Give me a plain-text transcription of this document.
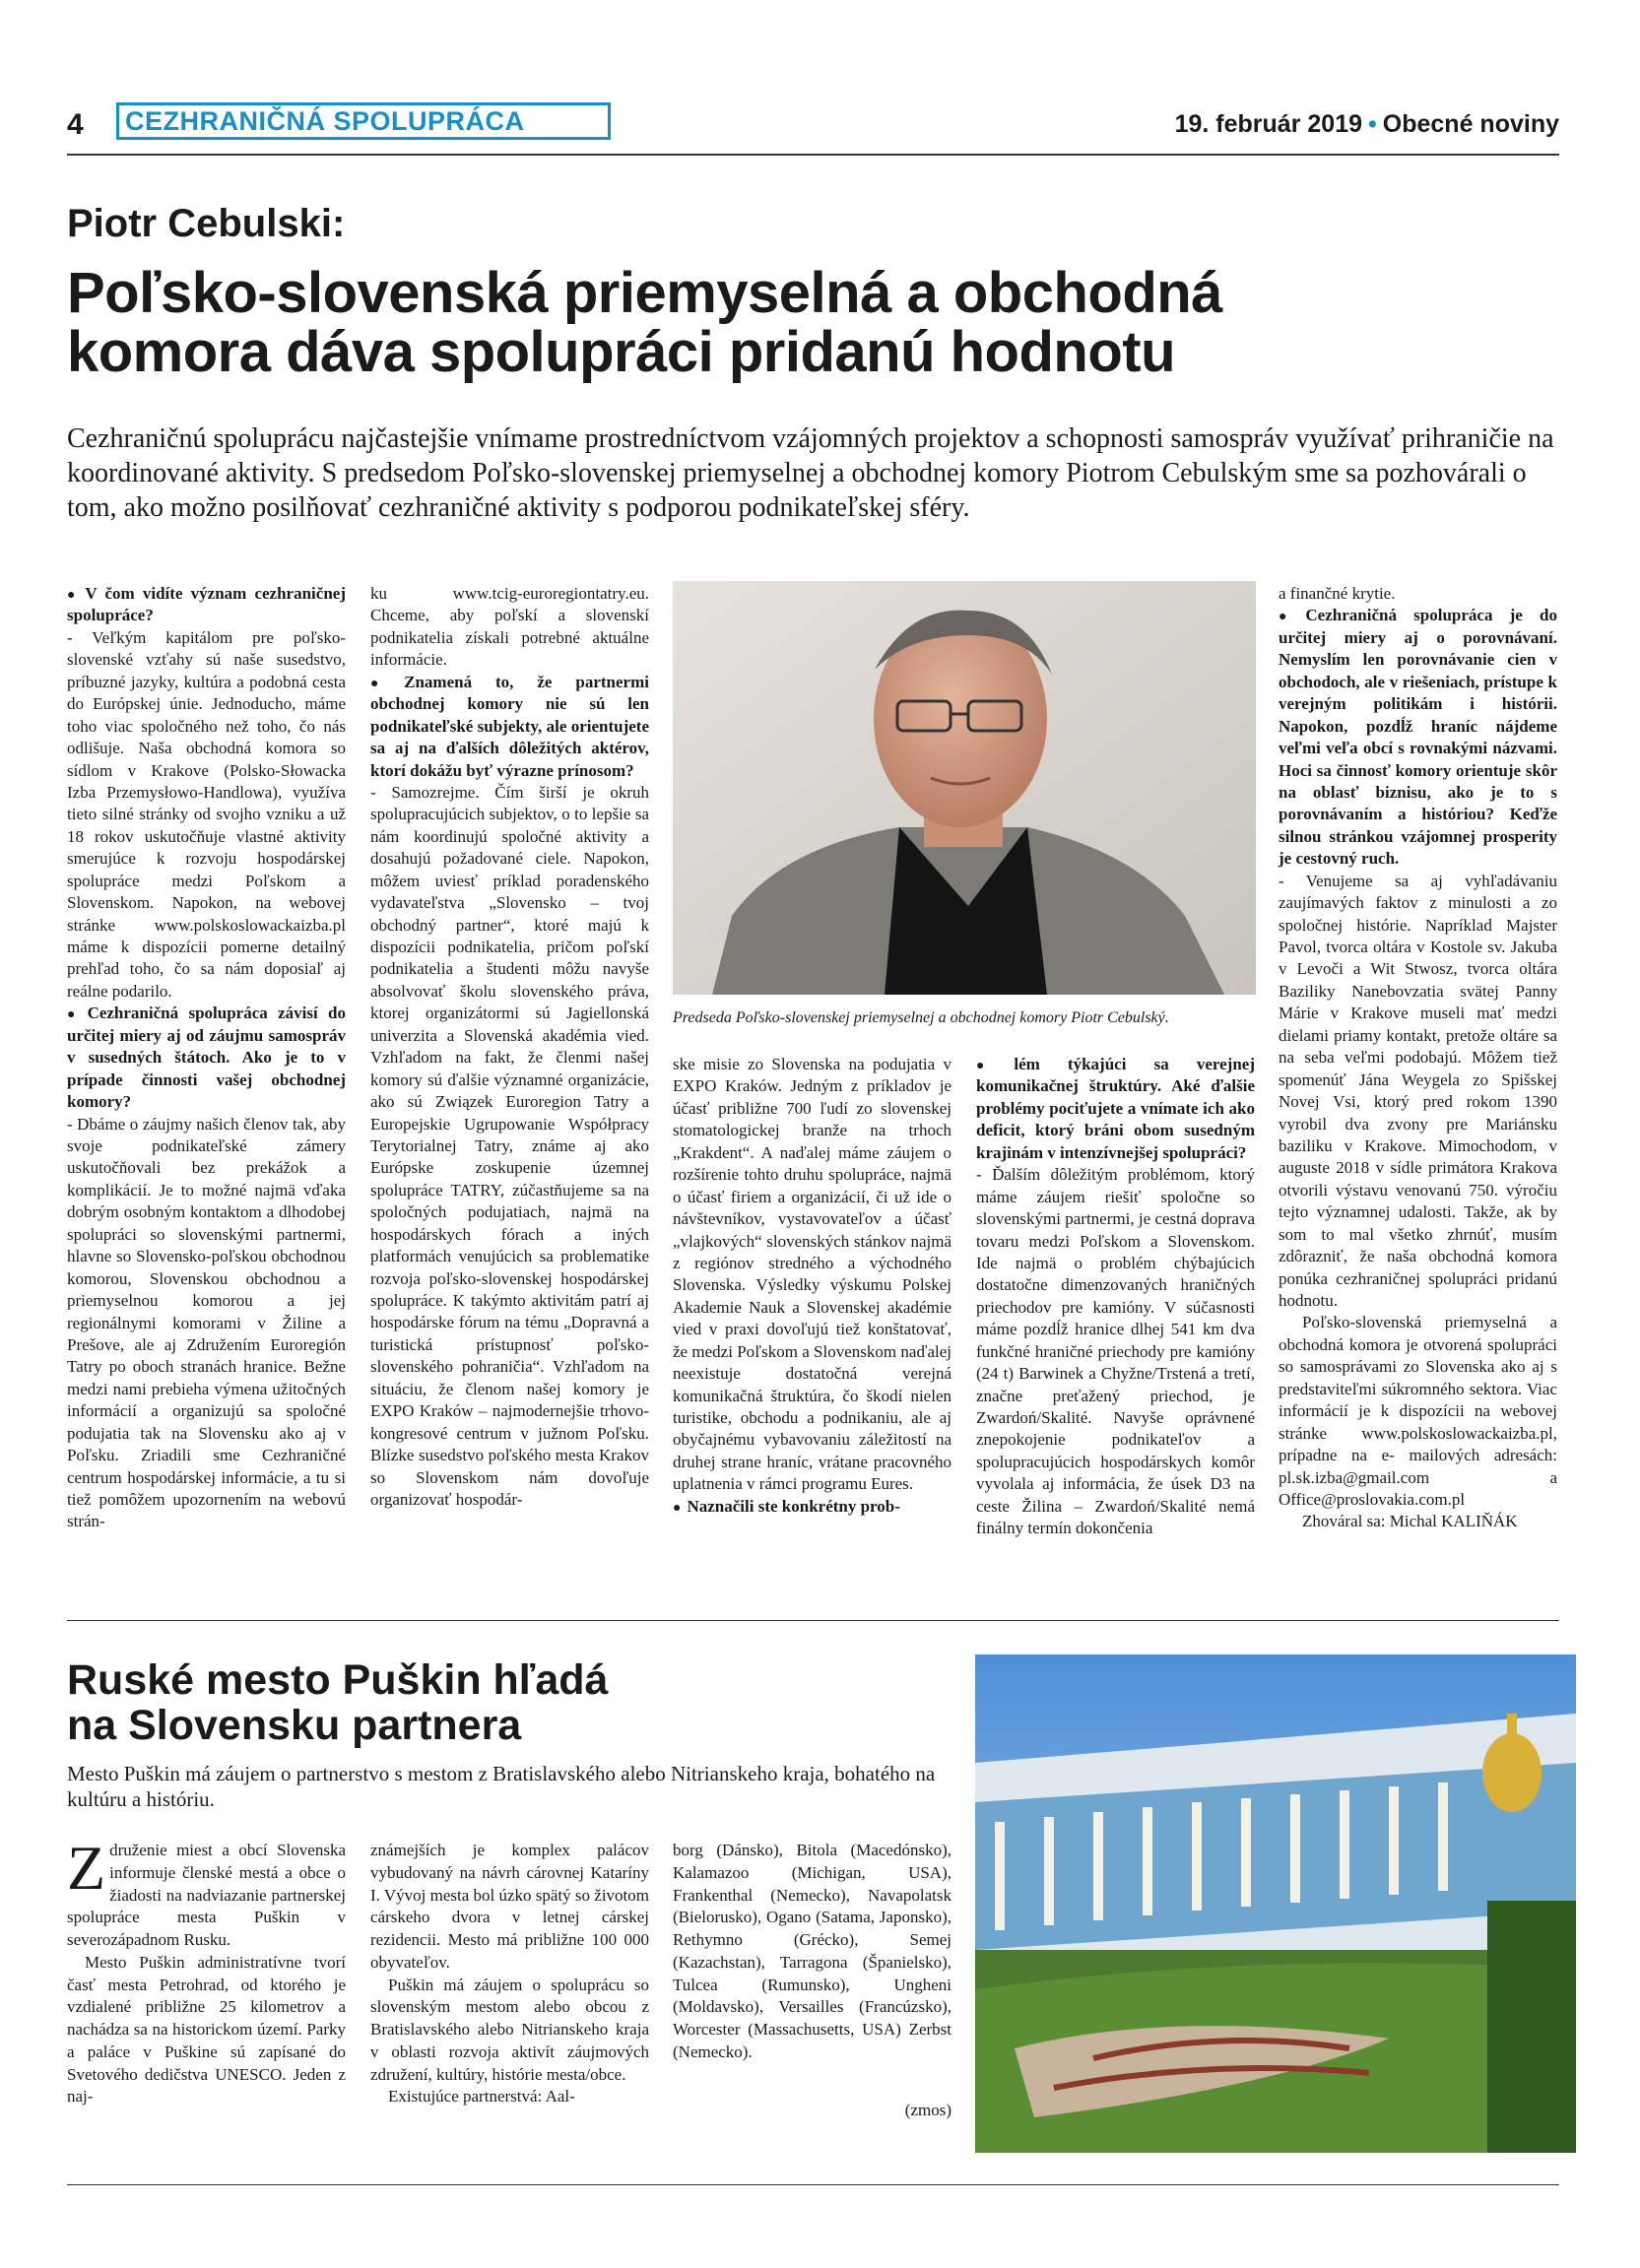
4	CEZHRANIČNÁ SPOLUPRÁCA	19. február 2019 • Obecné noviny
Piotr Cebulski:
Poľsko-slovenská priemyselná a obchodná
komora dáva spolupráci pridanú hodnotu
Cezhraničnú spoluprácu najčastejšie vnímame prostredníctvom vzájomných projektov a schopnosti samospráv využívať prihraničie na koordinované aktivity. S predsedom Poľsko-slovenskej priemyselnej a obchodnej komory Piotrom Cebulským sme sa pozhovárali o tom, ako možno posilňovať cezhraničné aktivity s podporou podnikateľskej sféry.

● V čom vidíte význam cezhraničnej spolupráce?

- Veľkým kapitálom pre poľsko-slovenské vzťahy sú naše susedstvo, príbuzné jazyky, kultúra a podobná cesta do Európskej únie. Jednoducho, máme toho viac spoločného než toho, čo nás odlišuje. Naša obchodná komora so sídlom v Krakove (Polsko-Słowacka Izba Przemysłowo-Handlowa), využíva tieto silné stránky od svojho vzniku a už 18 rokov uskutočňuje vlastné aktivity smerujúce k rozvoju hospodárskej spolupráce medzi Poľskom a Slovenskom. Napokon, na webovej stránke www.polskoslowackaizba.pl máme k dispozícii pomerne detailný prehľad toho, čo sa nám doposiaľ aj reálne podarilo.

● Cezhraničná spolupráca závisí do určitej miery aj od záujmu samospráv v susedných štátoch. Ako je to v prípade činnosti vašej obchodnej komory?

- Dbáme o záujmy našich členov tak, aby svoje podnikateľské zámery uskutočňovali bez prekážok a komplikácií. Je to možné najmä vďaka dobrým osobným kontaktom a dlhodobej spolupráci so slovenskými partnermi, hlavne so Slovensko-poľskou obchodnou komorou, Slovenskou obchodnou a priemyselnou komorou a jej regionálnymi komorami v Žiline a Prešove, ale aj Združením Euroregión Tatry po oboch stranách hranice. Bežne medzi nami prebieha výmena užitočných informácií a organizujú sa spoločné podujatia tak na Slovensku ako aj v Poľsku. Zriadili sme Cezhraničné centrum hospodárskej informácie, a tu si tiež pomôžem upozornením na webovú strán-

ku www.tcig-euroregiontatry.eu. Chceme, aby poľskí a slovenskí podnikatelia získali potrebné aktuálne informácie.

● Znamená to, že partnermi obchodnej komory nie sú len podnikateľské subjekty, ale orientujete sa aj na ďalších dôležitých aktérov, ktorí dokážu byť výrazne prínosom?

- Samozrejme. Čím širší je okruh spolupracujúcich subjektov, o to lepšie sa nám koordinujú spoločné aktivity a dosahujú požadované ciele. Napokon, môžem uviesť príklad poradenského vydavateľstva „Slovensko – tvoj obchodný partner“, ktoré majú k dispozícii podnikatelia, pričom poľskí podnikatelia a študenti môžu navyše absolvovať školu slovenského práva, ktorej organizátormi sú Jagiellonská univerzita a Slovenská akadémia vied. Vzhľadom na fakt, že členmi našej komory sú ďalšie významné organizácie, ako sú Związek Euroregion Tatry a Europejskie Ugrupowanie Współpracy Terytorialnej Tatry, známe aj ako Európske zoskupenie územnej spolupráce TATRY, zúčastňujeme sa na spoločných podujatiach, najmä na hospodárskych fórach a iných platformách venujúcich sa problematike rozvoja poľsko-slovenskej hospodárskej spolupráce. K takýmto aktivitám patrí aj hospodárske fórum na tému „Dopravná a turistická prístupnosť poľsko-slovenského pohraničia“. Vzhľadom na situáciu, že členom našej komory je EXPO Kraków – najmodernejšie trhovo-kongresové centrum v južnom Poľsku. Blízke susedstvo poľského mesta Krakov so Slovenskom nám dovoľuje organizovať hospodár-

ske misie zo Slovenska na podujatia v EXPO Kraków. Jedným z príkladov je účasť približne 700 ľudí zo slovenskej stomatologickej branže na trhoch „Krakdent“. A naďalej máme záujem o rozšírenie tohto druhu spolupráce, najmä o účasť firiem a organizácií, či už ide o návštevníkov, vystavovateľov a účasť „vlajkových“ slovenských stánkov najmä z regiónov stredného a východného Slovenska. Výsledky výskumu Polskej Akademie Nauk a Slovenskej akadémie vied v praxi dovoľujú tiež konštatovať, že medzi Poľskom a Slovenskom naďalej neexistuje dostatočná verejná komunikačná štruktúra, čo škodí nielen turistike, obchodu a podnikaniu, ale aj obyčajnému vybavovaniu záležitostí na druhej strane hraníc, vrátane pracovného uplatnenia v rámci programu Eures.

● Naznačili ste konkrétny prob-

● lém týkajúci sa verejnej komunikačnej štruktúry. Aké ďalšie problémy pociťujete a vnímate ich ako deficit, ktorý bráni obom susedným krajinám v intenzívnejšej spolupráci?

- Ďalším dôležitým problémom, ktorý máme záujem riešiť spoločne so slovenskými partnermi, je cestná doprava tovaru medzi Poľskom a Slovenskom. Ide najmä o problém chýbajúcich dostatočne dimenzovaných hraničných priechodov pre kamióny. V súčasnosti máme pozdĺž hranice dlhej 541 km dva funkčné hraničné priechody pre kamióny (24 t) Barwinek a Chyžne/Trstená a tretí, značne preťažený priechod, je Zwardoń/Skalité. Navyše oprávnené znepokojenie podnikateľov a spolupracujúcich hospodárskych komôr vyvolala aj informácia, že úsek D3 na ceste Žilina – Zwardoń/Skalité nemá finálny termín dokončenia

a finančné krytie.

● Cezhraničná spolupráca je do určitej miery aj o porovnávaní. Nemyslím len porovnávanie cien v obchodoch, ale v riešeniach, prístupe k verejným politikám i histórii. Napokon, pozdĺž hraníc nájdeme veľmi veľa obcí s rovnakými názvami. Hoci sa činnosť komory orientuje skôr na oblasť biznisu, ako je to s porovnávaním a históriou? Keďže silnou stránkou vzájomnej prosperity je cestovný ruch.

- Venujeme sa aj vyhľadávaniu zaujímavých faktov z minulosti a zo spoločnej histórie. Napríklad Majster Pavol, tvorca oltára v Kostole sv. Jakuba v Levoči a Wit Stwosz, tvorca oltára Baziliky Nanebovzatia svätej Panny Márie v Krakove museli mať medzi dielami priamy kontakt, pretože oltáre sa na seba veľmi podobajú. Môžem tiež spomenúť Jána Weygela zo Spišskej Novej Vsi, ktorý pred rokom 1390 vyrobil dva zvony pre Mariánsku baziliku v Krakove. Mimochodom, v auguste 2018 v sídle primátora Krakova otvorili výstavu venovanú 750. výročiu tejto významnej udalosti. Takže, ak by som to mal všetko zhrnúť, musím zdôrazniť, že naša obchodná komora ponúka cezhraničnej spolupráci pridanú hodnotu.

Poľsko-slovenská priemyselná a obchodná komora je otvorená spolupráci so samosprávami zo Slovenska ako aj s predstaviteľmi súkromného sektora. Viac informácií je k dispozícii na webovej stránke www.polskoslowackaizba.pl, prípadne na e- mailových adresách: pl.sk.izba@gmail.com a Office@proslovakia.com.pl

Zhováral sa: Michal KALIŇÁK

Predseda Poľsko-slovenskej priemyselnej a obchodnej komory Piotr Cebulský.
Ruské mesto Puškin hľadá
na Slovensku partnera
Mesto Puškin má záujem o partnerstvo s mestom z Bratislavského alebo Nitrianskeho kraja, bohatého na kultúru a históriu.
Združenie miest a obcí Slovenska informuje členské mestá a obce o žiadosti na nadviazanie partnerskej spolupráce mesta Puškin v severozápadnom Rusku.

Mesto Puškin administratívne tvorí časť mesta Petrohrad, od ktorého je vzdialené približne 25 kilometrov a nachádza sa na historickom území. Parky a paláce v Puškine sú zapísané do Svetového dedičstva UNESCO. Jeden z naj-

známejších je komplex palácov vybudovaný na návrh cárovnej Kataríny I. Vývoj mesta bol úzko spätý so životom cárskeho dvora v letnej cárskej rezidencii. Mesto má približne 100 000 obyvateľov.

Puškin má záujem o spoluprácu so slovenským mestom alebo obcou z Bratislavského alebo Nitrianskeho kraja v oblasti rozvoja aktivít záujmových združení, kultúry, histórie mesta/obce.

Existujúce partnerstvá: Aal-

borg (Dánsko), Bitola (Macedónsko), Kalamazoo (Michigan, USA), Frankenthal (Nemecko), Navapolatsk (Bielorusko), Ogano (Satama, Japonsko), Rethymno (Grécko), Semej (Kazachstan), Tarragona (Španielsko), Tulcea (Rumunsko), Ungheni (Moldavsko), Versailles (Francúzsko), Worcester (Massachusetts, USA) Zerbst (Nemecko).

(zmos)
